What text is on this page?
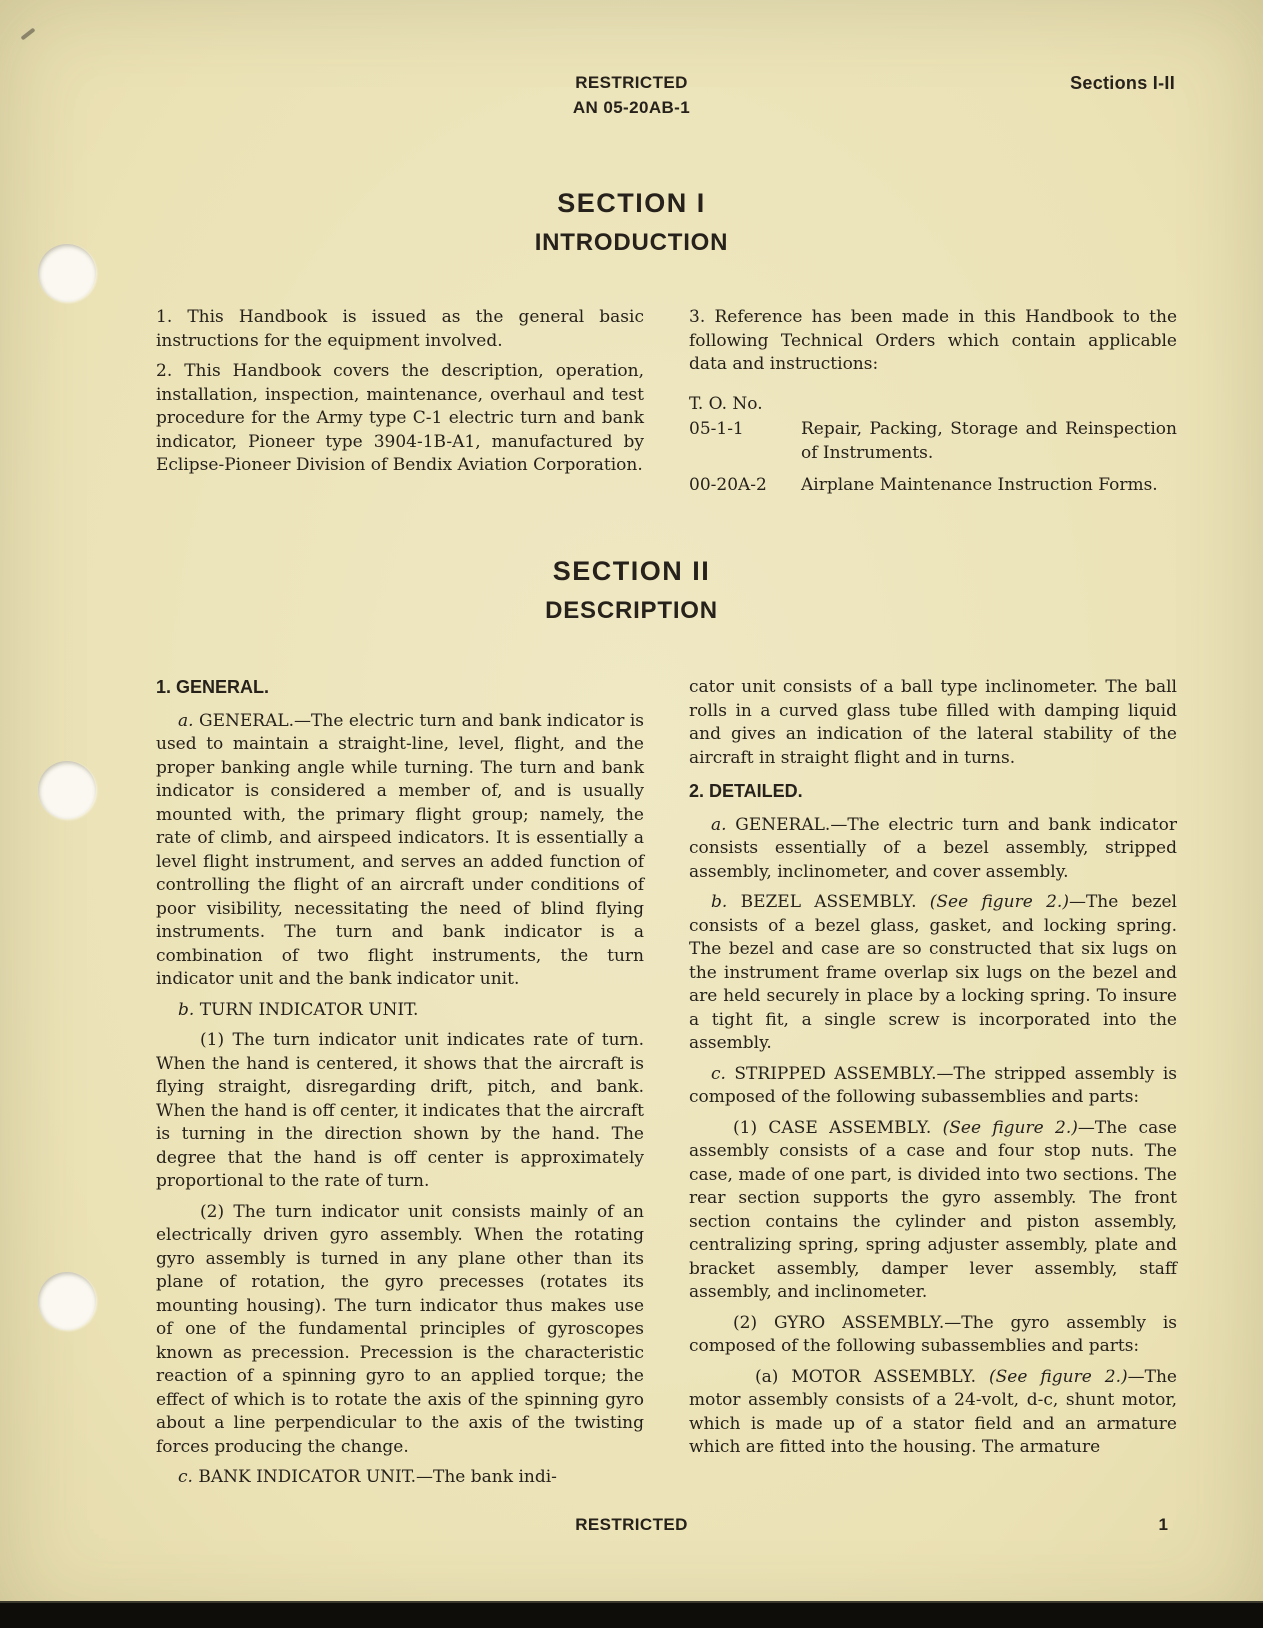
RESTRICTED
AN 05-20AB-1
Sections I-II
SECTION I
INTRODUCTION

1. This Handbook is issued as the general basic instructions for the equipment involved.

2. This Handbook covers the description, operation, installation, inspection, maintenance, overhaul and test procedure for the Army type C-1 electric turn and bank indicator, Pioneer type 3904-1B-A1, manufactured by Eclipse-Pioneer Division of Bendix Aviation Corporation.

3. Reference has been made in this Handbook to the following Technical Orders which contain applicable data and instructions:

T. O. No.
05-1-1	Repair, Packing, Storage and Reinspection of Instruments.
00-20A-2	Airplane Maintenance Instruction Forms.
SECTION II
DESCRIPTION
1. GENERAL.

a. GENERAL.—The electric turn and bank indicator is used to maintain a straight-line, level, flight, and the proper banking angle while turning. The turn and bank indicator is considered a member of, and is usually mounted with, the primary flight group; namely, the rate of climb, and airspeed indicators. It is essentially a level flight instrument, and serves an added function of controlling the flight of an aircraft under conditions of poor visibility, necessitating the need of blind flying instruments. The turn and bank indicator is a combination of two flight instruments, the turn indicator unit and the bank indicator unit.

b. TURN INDICATOR UNIT.

(1) The turn indicator unit indicates rate of turn. When the hand is centered, it shows that the aircraft is flying straight, disregarding drift, pitch, and bank. When the hand is off center, it indicates that the aircraft is turning in the direction shown by the hand. The degree that the hand is off center is approximately proportional to the rate of turn.

(2) The turn indicator unit consists mainly of an electrically driven gyro assembly. When the rotating gyro assembly is turned in any plane other than its plane of rotation, the gyro precesses (rotates its mounting housing). The turn indicator thus makes use of one of the fundamental principles of gyroscopes known as precession. Precession is the characteristic reaction of a spinning gyro to an applied torque; the effect of which is to rotate the axis of the spinning gyro about a line perpendicular to the axis of the twisting forces producing the change.

c. BANK INDICATOR UNIT.—The bank indi-

cator unit consists of a ball type inclinometer. The ball rolls in a curved glass tube filled with damping liquid and gives an indication of the lateral stability of the aircraft in straight flight and in turns.

2. DETAILED.

a. GENERAL.—The electric turn and bank indicator consists essentially of a bezel assembly, stripped assembly, inclinometer, and cover assembly.

b. BEZEL ASSEMBLY. (See figure 2.)—The bezel consists of a bezel glass, gasket, and locking spring. The bezel and case are so constructed that six lugs on the instrument frame overlap six lugs on the bezel and are held securely in place by a locking spring. To insure a tight fit, a single screw is incorporated into the assembly.

c. STRIPPED ASSEMBLY.—The stripped assembly is composed of the following subassemblies and parts:

(1) CASE ASSEMBLY. (See figure 2.)—The case assembly consists of a case and four stop nuts. The case, made of one part, is divided into two sections. The rear section supports the gyro assembly. The front section contains the cylinder and piston assembly, centralizing spring, spring adjuster assembly, plate and bracket assembly, damper lever assembly, staff assembly, and inclinometer.

(2) GYRO ASSEMBLY.—The gyro assembly is composed of the following subassemblies and parts:

(a) MOTOR ASSEMBLY. (See figure 2.)—The motor assembly consists of a 24-volt, d-c, shunt motor, which is made up of a stator field and an armature which are fitted into the housing. The armature

RESTRICTED	1
